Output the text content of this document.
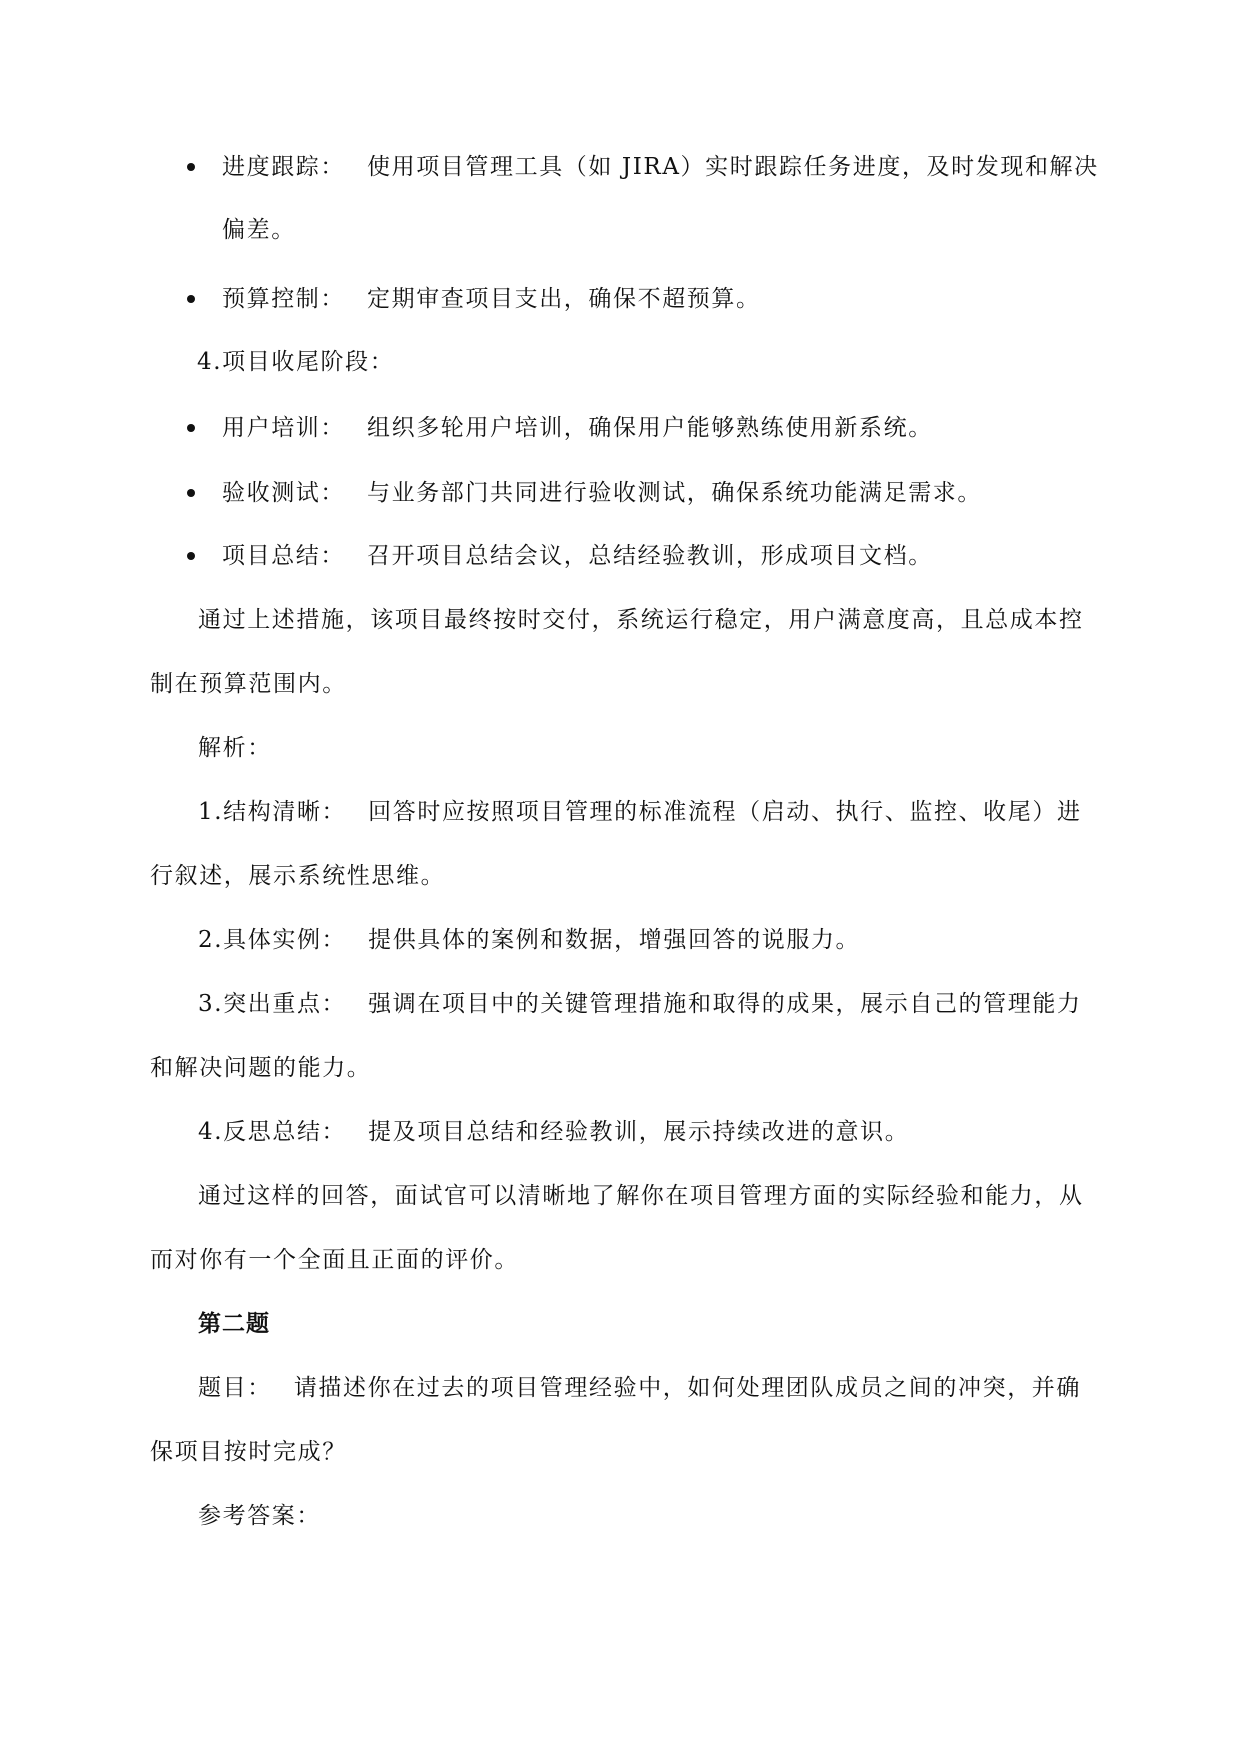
进度跟踪： 使用项目管理工具（如 JIRA）实时跟踪任务进度，及时发现和解决
偏差。
预算控制： 定期审查项目支出，确保不超预算。
4.项目收尾阶段：
用户培训： 组织多轮用户培训，确保用户能够熟练使用新系统。
验收测试： 与业务部门共同进行验收测试，确保系统功能满足需求。
项目总结： 召开项目总结会议，总结经验教训，形成项目文档。
通过上述措施，该项目最终按时交付，系统运行稳定，用户满意度高，且总成本控
制在预算范围内。
解析：
1.结构清晰： 回答时应按照项目管理的标准流程（启动、执行、监控、收尾）进
行叙述，展示系统性思维。
2.具体实例： 提供具体的案例和数据，增强回答的说服力。
3.突出重点： 强调在项目中的关键管理措施和取得的成果，展示自己的管理能力
和解决问题的能力。
4.反思总结： 提及项目总结和经验教训，展示持续改进的意识。
通过这样的回答，面试官可以清晰地了解你在项目管理方面的实际经验和能力，从
而对你有一个全面且正面的评价。
第二题
题目： 请描述你在过去的项目管理经验中，如何处理团队成员之间的冲突，并确
保项目按时完成？
参考答案：
